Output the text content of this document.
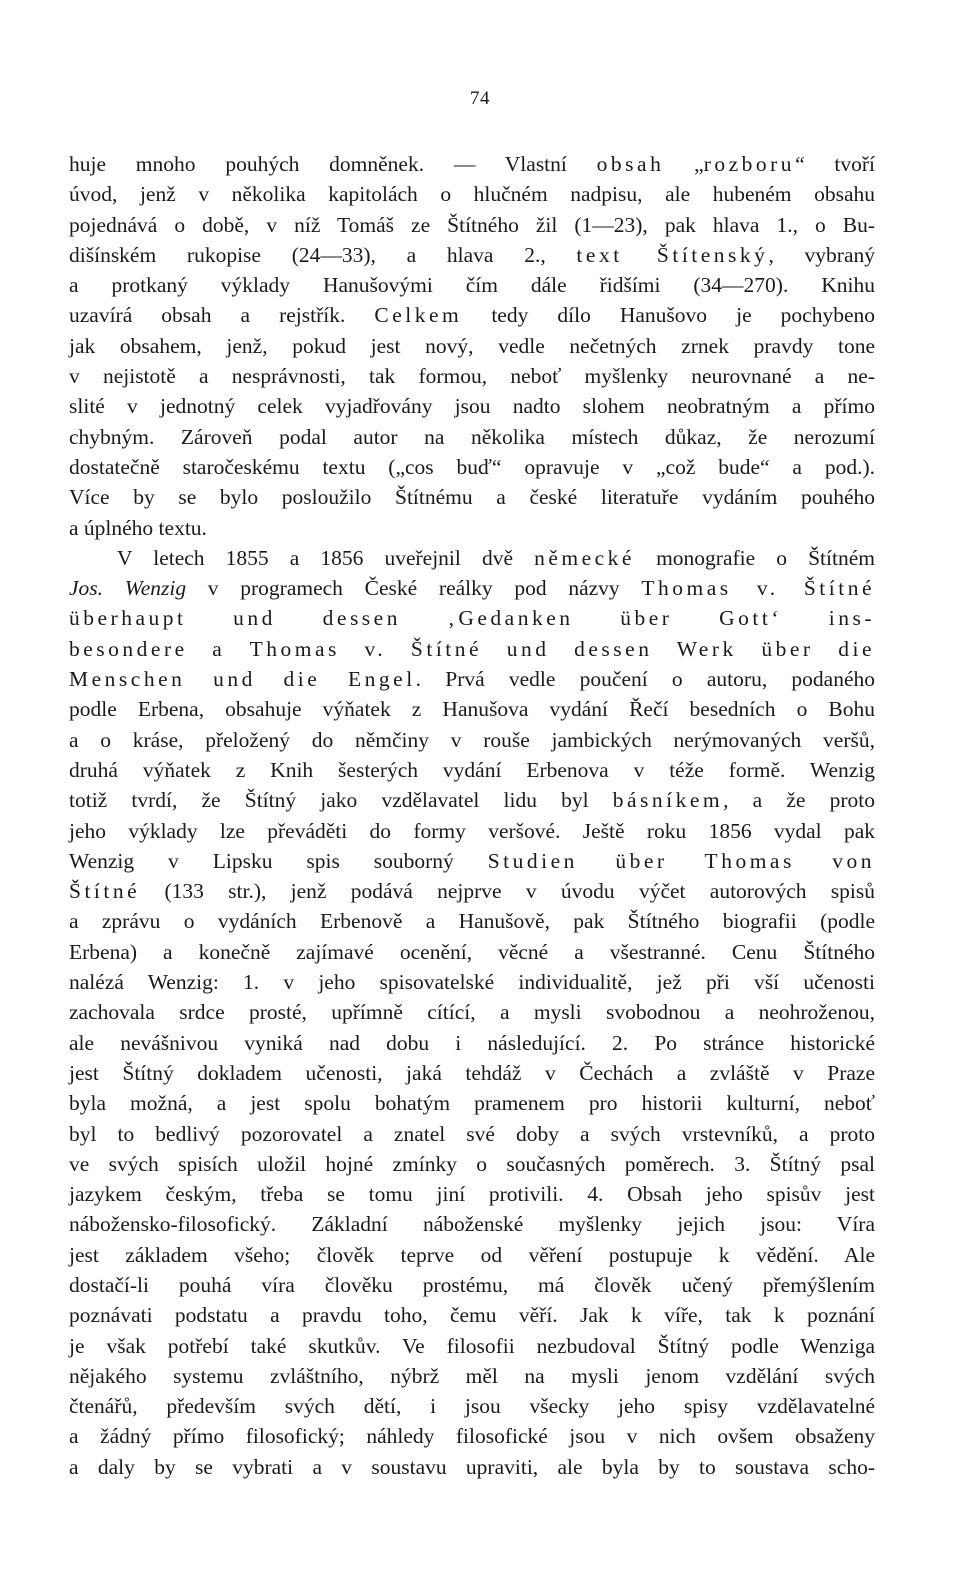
74
huje mnoho pouhých domněnek. — Vlastní obsah „rozboru“ tvoří
úvod, jenž v několika kapitolách o hlučném nadpisu, ale hubeném obsahu
pojednává o době, v níž Tomáš ze Štítného žil (1—23), pak hlava 1., o Bu-
dišínském rukopise (24—33), a hlava 2., text Štítenský, vybraný
a protkaný výklady Hanušovými čím dále řidšími (34—270). Knihu
uzavírá obsah a rejstřík. Celkem tedy dílo Hanušovo je pochybeno
jak obsahem, jenž, pokud jest nový, vedle nečetných zrnek pravdy tone
v nejistotě a nesprávnosti, tak formou, neboť myšlenky neurovnané a ne-
slité v jednotný celek vyjadřovány jsou nadto slohem neobratným a přímo
chybným. Zároveň podal autor na několika místech důkaz, že nerozumí
dostatečně staročeskému textu („cos buď“ opravuje v „což bude“ a pod.).
Více by se bylo posloužilo Štítnému a české literatuře vydáním pouhého
a úplného textu.
V letech 1855 a 1856 uveřejnil dvě německé monografie o Štítném
Jos. Wenzig v programech České reálky pod názvy Thomas v. Štítné
überhaupt und dessen ‚Gedanken über Gott‘ ins-
besondere a Thomas v. Štítné und dessen Werk über die
Menschen und die Engel. Prvá vedle poučení o autoru, podaného
podle Erbena, obsahuje výňatek z Hanušova vydání Řečí besedních o Bohu
a o kráse, přeložený do němčiny v rouše jambických nerýmovaných veršů,
druhá výňatek z Knih šesterých vydání Erbenova v téže formě. Wenzig
totiž tvrdí, že Štítný jako vzdělavatel lidu byl básníkem, a že proto
jeho výklady lze převáděti do formy veršové. Ještě roku 1856 vydal pak
Wenzig v Lipsku spis souborný Studien über Thomas von
Štítné (133 str.), jenž podává nejprve v úvodu výčet autorových spisů
a zprávu o vydáních Erbenově a Hanušově, pak Štítného biografii (podle
Erbena) a konečně zajímavé ocenění, věcné a všestranné. Cenu Štítného
nalézá Wenzig: 1. v jeho spisovatelské individualitě, jež při vší učenosti
zachovala srdce prosté, upřímně cítící, a mysli svobodnou a neohroženou,
ale nevášnivou vyniká nad dobu i následující. 2. Po stránce historické
jest Štítný dokladem učenosti, jaká tehdáž v Čechách a zvláště v Praze
byla možná, a jest spolu bohatým pramenem pro historii kulturní, neboť
byl to bedlivý pozorovatel a znatel své doby a svých vrstevníků, a proto
ve svých spisích uložil hojné zmínky o současných poměrech. 3. Štítný psal
jazykem českým, třeba se tomu jiní protivili. 4. Obsah jeho spisův jest
nábožensko-filosofický. Základní náboženské myšlenky jejich jsou: Víra
jest základem všeho; člověk teprve od věření postupuje k vědění. Ale
dostačí-li pouhá víra člověku prostému, má člověk učený přemýšlením
poznávati podstatu a pravdu toho, čemu věří. Jak k víře, tak k poznání
je však potřebí také skutkův. Ve filosofii nezbudoval Štítný podle Wenziga
nějakého systemu zvláštního, nýbrž měl na mysli jenom vzdělání svých
čtenářů, především svých dětí, i jsou všecky jeho spisy vzdělavatelné
a žádný přímo filosofický; náhledy filosofické jsou v nich ovšem obsaženy
a daly by se vybrati a v soustavu upraviti, ale byla by to soustava scho-
